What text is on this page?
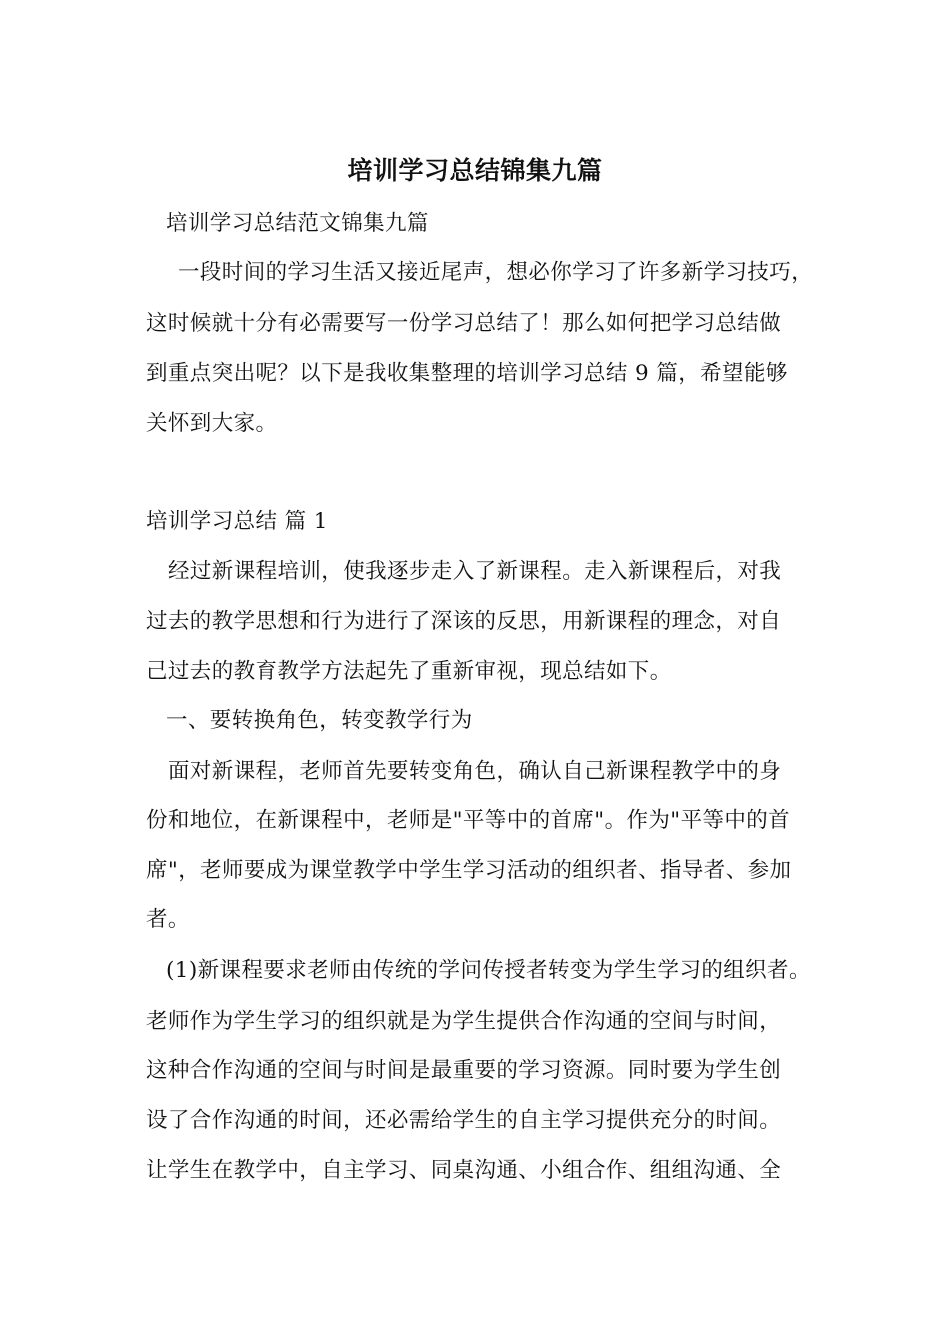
培训学习总结锦集九篇
培训学习总结范文锦集九篇
一段时间的学习生活又接近尾声，想必你学习了许多新学习技巧，
这时候就十分有必需要写一份学习总结了！那么如何把学习总结做
到重点突出呢？以下是我收集整理的培训学习总结 9 篇，希望能够
关怀到大家。
培训学习总结 篇 1
经过新课程培训，使我逐步走入了新课程。走入新课程后，对我
过去的教学思想和行为进行了深该的反思，用新课程的理念，对自
己过去的教育教学方法起先了重新审视，现总结如下。
一、要转换角色，转变教学行为
面对新课程，老师首先要转变角色，确认自己新课程教学中的身
份和地位，在新课程中，老师是"平等中的首席"。作为"平等中的首
席"，老师要成为课堂教学中学生学习活动的组织者、指导者、参加
者。
(1)新课程要求老师由传统的学问传授者转变为学生学习的组织者。
老师作为学生学习的组织就是为学生提供合作沟通的空间与时间，
这种合作沟通的空间与时间是最重要的学习资源。同时要为学生创
设了合作沟通的时间，还必需给学生的自主学习提供充分的时间。
让学生在教学中，自主学习、同桌沟通、小组合作、组组沟通、全
